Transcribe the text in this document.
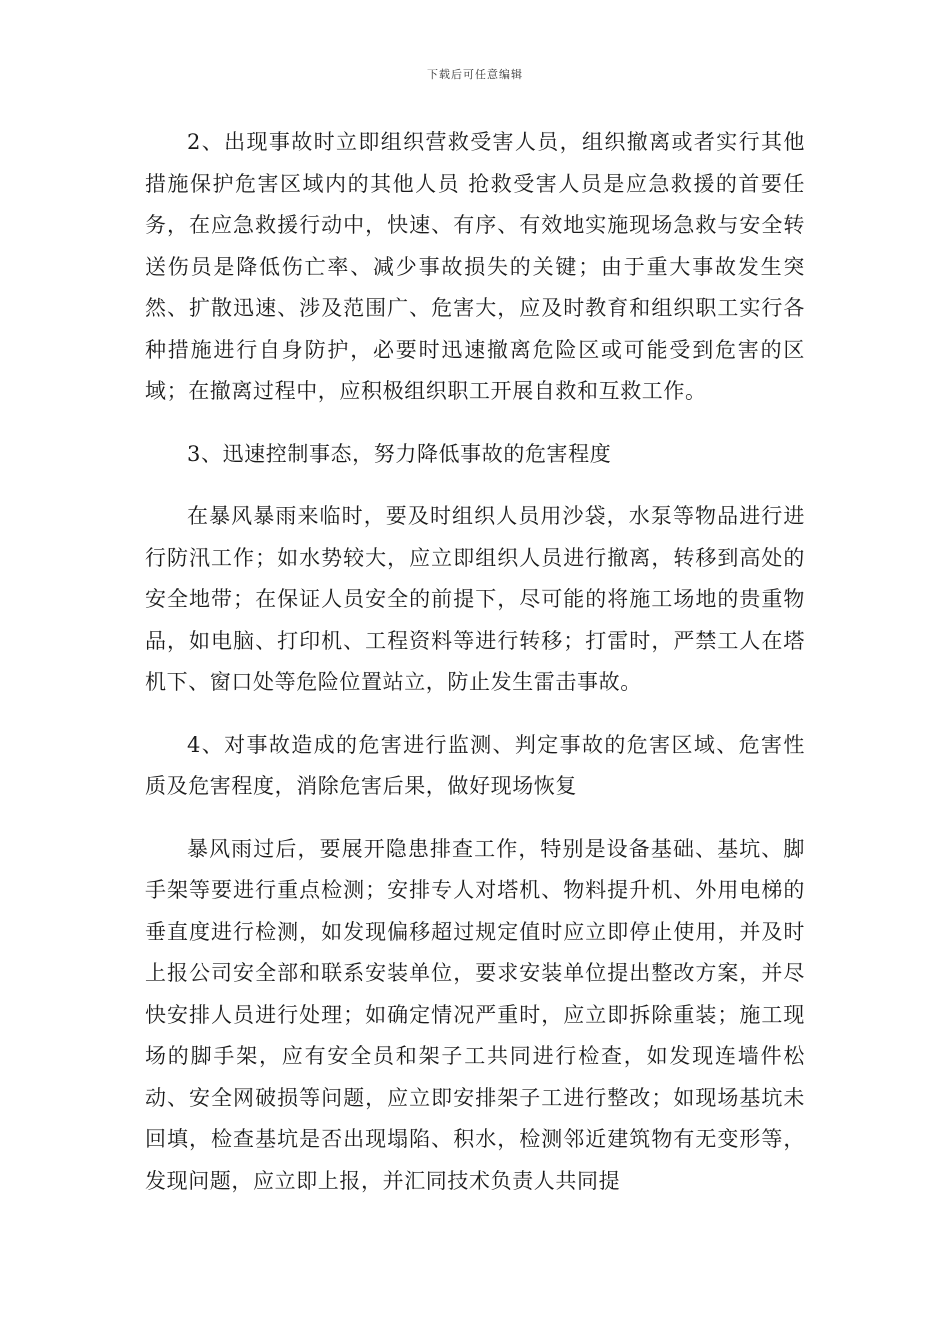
下载后可任意编辑

2、出现事故时立即组织营救受害人员，组织撤离或者实行其他措施保护危害区域内的其他人员 抢救受害人员是应急救援的首要任务，在应急救援行动中，快速、有序、有效地实施现场急救与安全转送伤员是降低伤亡率、减少事故损失的关键；由于重大事故发生突然、扩散迅速、涉及范围广、危害大，应及时教育和组织职工实行各种措施进行自身防护，必要时迅速撤离危险区或可能受到危害的区域；在撤离过程中，应积极组织职工开展自救和互救工作。

3、迅速控制事态，努力降低事故的危害程度

在暴风暴雨来临时，要及时组织人员用沙袋，水泵等物品进行进行防汛工作；如水势较大，应立即组织人员进行撤离，转移到高处的安全地带；在保证人员安全的前提下，尽可能的将施工场地的贵重物品，如电脑、打印机、工程资料等进行转移；打雷时，严禁工人在塔机下、窗口处等危险位置站立，防止发生雷击事故。

4、对事故造成的危害进行监测、判定事故的危害区域、危害性质及危害程度，消除危害后果，做好现场恢复

暴风雨过后，要展开隐患排查工作，特别是设备基础、基坑、脚手架等要进行重点检测；安排专人对塔机、物料提升机、外用电梯的垂直度进行检测，如发现偏移超过规定值时应立即停止使用，并及时上报公司安全部和联系安装单位，要求安装单位提出整改方案，并尽快安排人员进行处理；如确定情况严重时，应立即拆除重装；施工现场的脚手架，应有安全员和架子工共同进行检查，如发现连墙件松动、安全网破损等问题，应立即安排架子工进行整改；如现场基坑未回填，检查基坑是否出现塌陷、积水，检测邻近建筑物有无变形等，发现问题，应立即上报，并汇同技术负责人共同提
